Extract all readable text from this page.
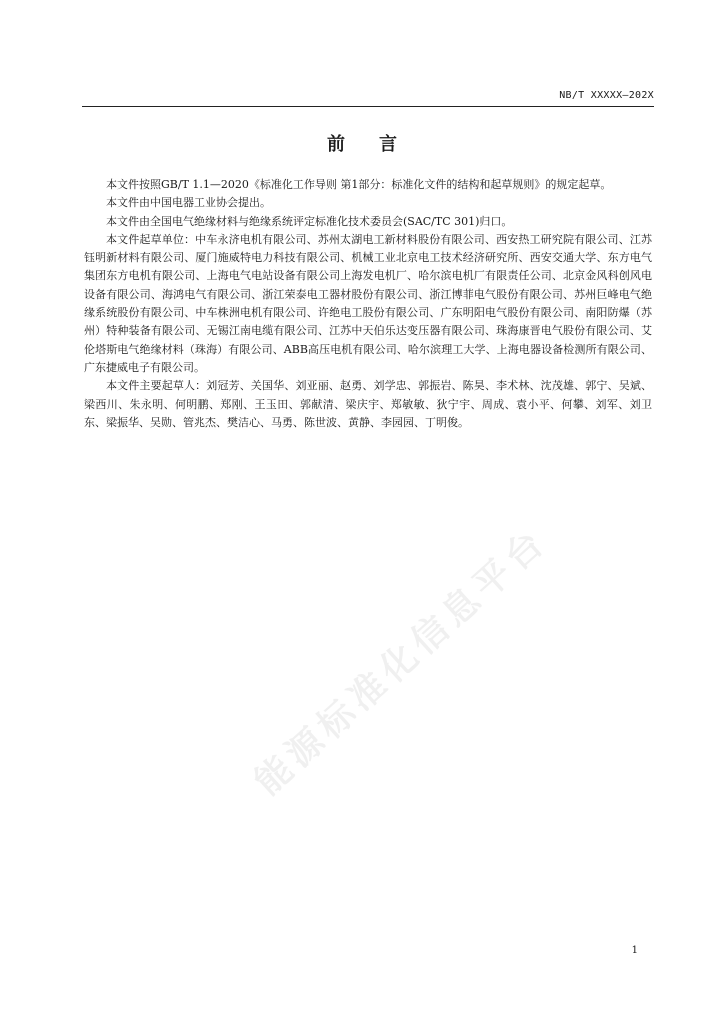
NB/T XXXXX—202X
前言

本文件按照GB/T 1.1—2020《标准化工作导则 第1部分：标准化文件的结构和起草规则》的规定起草。

本文件由中国电器工业协会提出。

本文件由全国电气绝缘材料与绝缘系统评定标准化技术委员会(SAC/TC 301)归口。

本文件起草单位：中车永济电机有限公司、苏州太湖电工新材料股份有限公司、西安热工研究院有限公司、江苏钰明新材料有限公司、厦门施威特电力科技有限公司、机械工业北京电工技术经济研究所、西安交通大学、东方电气集团东方电机有限公司、上海电气电站设备有限公司上海发电机厂、哈尔滨电机厂有限责任公司、北京金风科创风电设备有限公司、海鸿电气有限公司、浙江荣泰电工器材股份有限公司、浙江博菲电气股份有限公司、苏州巨峰电气绝缘系统股份有限公司、中车株洲电机有限公司、许绝电工股份有限公司、广东明阳电气股份有限公司、南阳防爆（苏州）特种装备有限公司、无锡江南电缆有限公司、江苏中天伯乐达变压器有限公司、珠海康晋电气股份有限公司、艾伦塔斯电气绝缘材料（珠海）有限公司、ABB高压电机有限公司、哈尔滨理工大学、上海电器设备检测所有限公司、广东捷威电子有限公司。

本文件主要起草人：刘冠芳、关国华、刘亚丽、赵勇、刘学忠、郭振岩、陈昊、李术林、沈茂雄、郭宁、吴斌、梁西川、朱永明、何明鹏、郑刚、王玉田、郭献清、梁庆宇、郑敏敏、狄宁宇、周成、袁小平、何攀、刘军、刘卫东、梁振华、吴勋、管兆杰、樊洁心、马勇、陈世波、黄静、李园园、丁明俊。

能源标准化信息平台
1
